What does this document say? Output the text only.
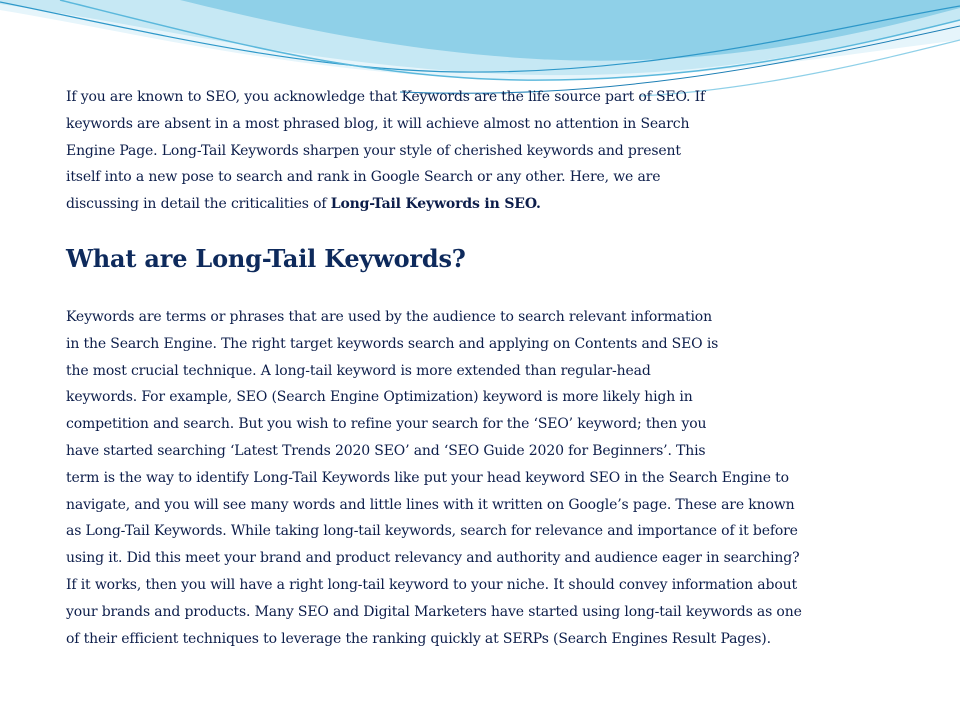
If you are known to SEO, you acknowledge that Keywords are the life source part of SEO. If
keywords are absent in a most phrased blog, it will achieve almost no attention in Search
Engine Page. Long-Tail Keywords sharpen your style of cherished keywords and present
itself into a new pose to search and rank in Google Search or any other. Here, we are
discussing in detail the criticalities of Long-Tail Keywords in SEO.

What are Long-Tail Keywords?

Keywords are terms or phrases that are used by the audience to search relevant information
in the Search Engine. The right target keywords search and applying on Contents and SEO is
the most crucial technique. A long-tail keyword is more extended than regular-head
keywords. For example, SEO (Search Engine Optimization) keyword is more likely high in
competition and search. But you wish to refine your search for the ‘SEO’ keyword; then you
have started searching ‘Latest Trends 2020 SEO’ and ‘SEO Guide 2020 for Beginners’. This
term is the way to identify Long-Tail Keywords like put your head keyword SEO in the Search Engine to
navigate, and you will see many words and little lines with it written on Google’s page. These are known
as Long-Tail Keywords. While taking long-tail keywords, search for relevance and importance of it before
using it. Did this meet your brand and product relevancy and authority and audience eager in searching?
If it works, then you will have a right long-tail keyword to your niche. It should convey information about
your brands and products. Many SEO and Digital Marketers have started using long-tail keywords as one
of their efficient techniques to leverage the ranking quickly at SERPs (Search Engines Result Pages).
